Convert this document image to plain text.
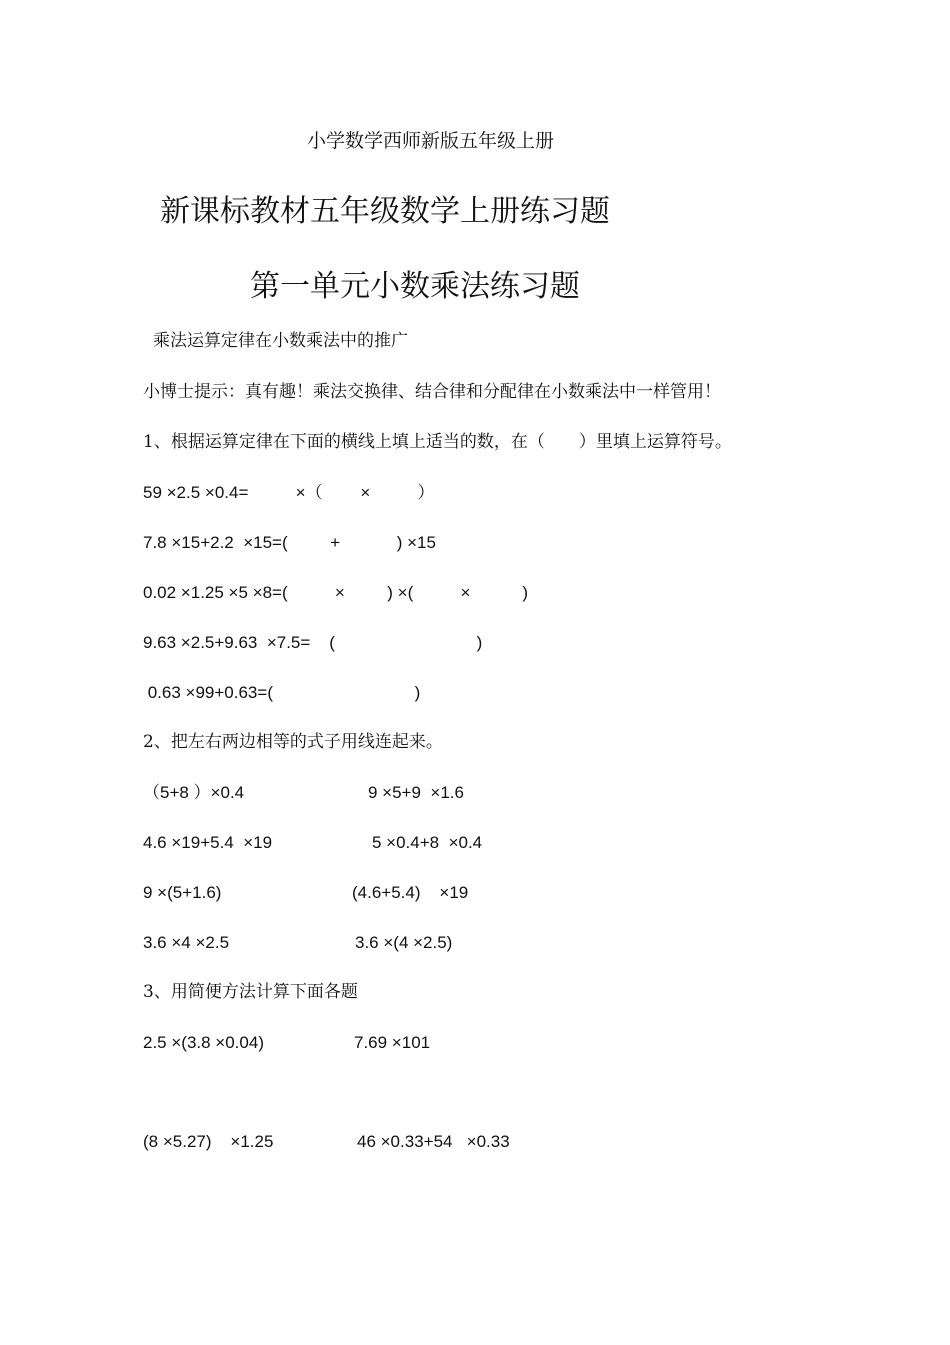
小学数学西师新版五年级上册
新课标教材五年级数学上册练习题
第一单元小数乘法练习题
乘法运算定律在小数乘法中的推广
小博士提示：真有趣！乘法交换律、结合律和分配律在小数乘法中一样管用！
1、根据运算定律在下面的横线上填上适当的数，在（　　）里填上运算符号。
59 ×2.5 ×0.4=          ×（        ×          ）
7.8 ×15+2.2  ×15=(         +            ) ×15
0.02 ×1.25 ×5 ×8=(          ×         ) ×(          ×           )
9.63 ×2.5+9.63  ×7.5=    (                              )
0.63 ×99+0.63=(                              )
2、把左右两边相等的式子用线连起来。
（5+8 ）×0.4	9 ×5+9  ×1.6
4.6 ×19+5.4  ×19	5 ×0.4+8  ×0.4
9 ×(5+1.6)	(4.6+5.4)    ×19
3.6 ×4 ×2.5	3.6 ×(4 ×2.5)
3、用简便方法计算下面各题
2.5 ×(3.8 ×0.04)	7.69 ×101
(8 ×5.27)    ×1.25	46 ×0.33+54   ×0.33
